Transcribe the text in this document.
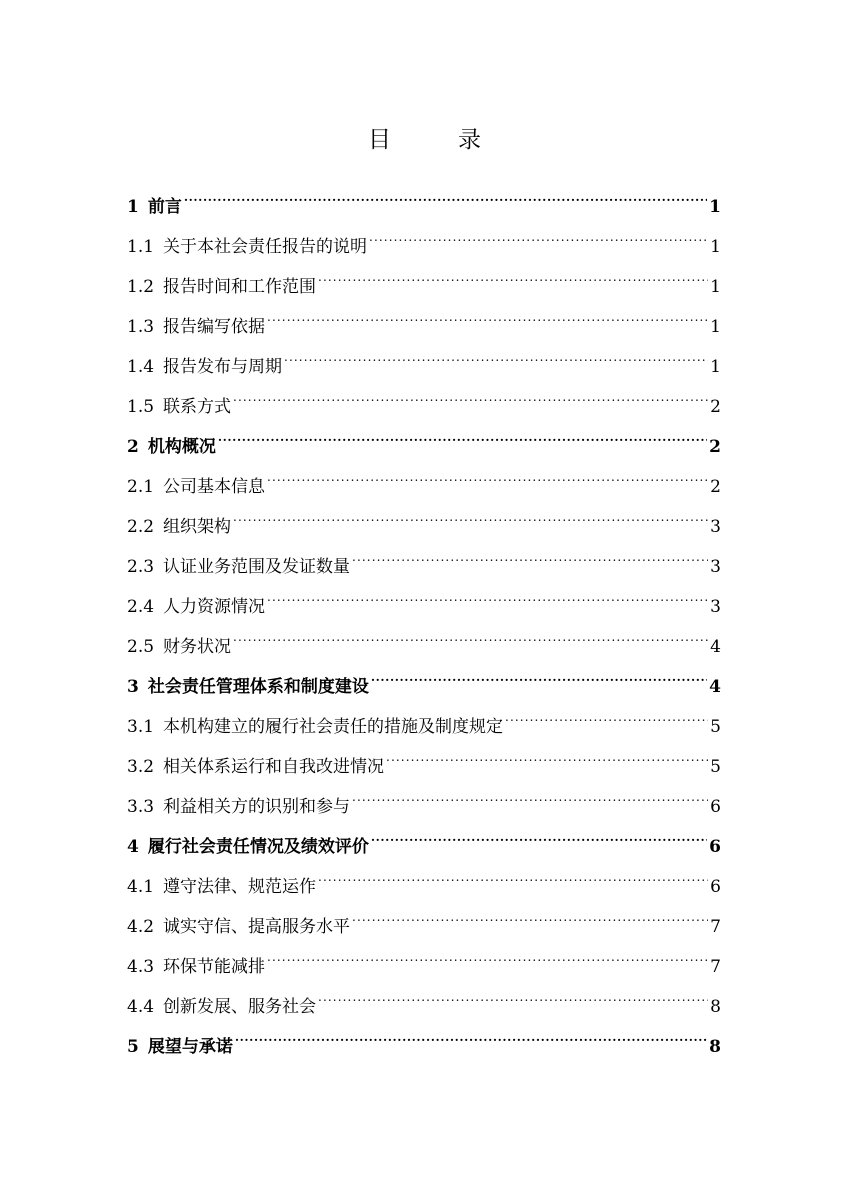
目　录
1 前言 .....	1
1.1 关于本社会责任报告的说明 .....	1
1.2 报告时间和工作范围 .....	1
1.3 报告编写依据 .....	1
1.4 报告发布与周期 .....	1
1.5 联系方式 .....	2
2 机构概况 .....	2
2.1 公司基本信息 .....	2
2.2 组织架构 .....	3
2.3 认证业务范围及发证数量 .....	3
2.4 人力资源情况 .....	3
2.5 财务状况 .....	4
3 社会责任管理体系和制度建设 .....	4
3.1 本机构建立的履行社会责任的措施及制度规定 .....	5
3.2 相关体系运行和自我改进情况 .....	5
3.3 利益相关方的识别和参与 .....	6
4 履行社会责任情况及绩效评价 .....	6
4.1 遵守法律、规范运作 .....	6
4.2 诚实守信、提高服务水平 .....	7
4.3 环保节能减排 .....	7
4.4 创新发展、服务社会 .....	8
5 展望与承诺 .....	8
